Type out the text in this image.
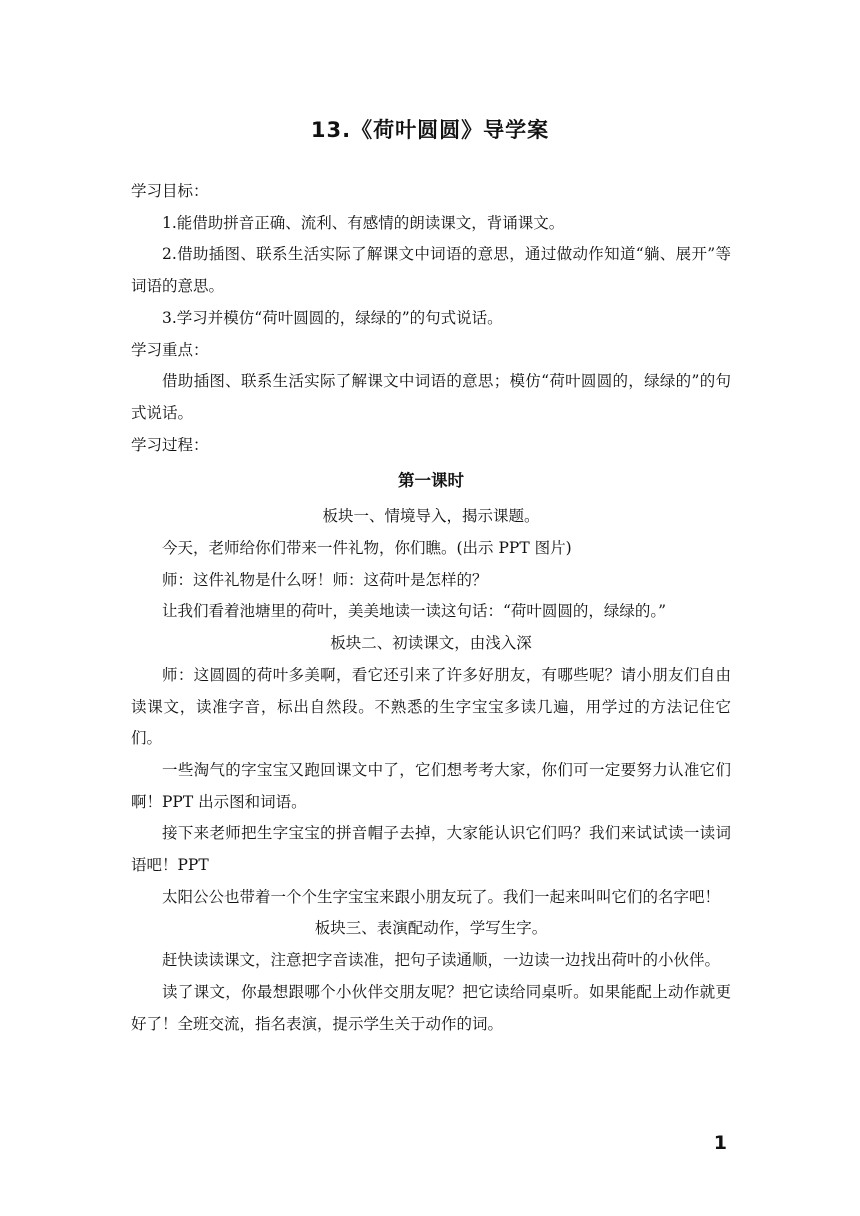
13.《荷叶圆圆》导学案

学习目标：

1.能借助拼音正确、流利、有感情的朗读课文，背诵课文。

2.借助插图、联系生活实际了解课文中词语的意思，通过做动作知道“躺、展开”等词语的意思。

3.学习并模仿“荷叶圆圆的，绿绿的”的句式说话。

学习重点：

借助插图、联系生活实际了解课文中词语的意思；模仿“荷叶圆圆的，绿绿的”的句式说话。

学习过程：

第一课时

板块一、情境导入，揭示课题。

今天，老师给你们带来一件礼物，你们瞧。(出示 PPT 图片)

师：这件礼物是什么呀！师：这荷叶是怎样的？

让我们看着池塘里的荷叶，美美地读一读这句话：“荷叶圆圆的，绿绿的。”

板块二、初读课文，由浅入深

师：这圆圆的荷叶多美啊，看它还引来了许多好朋友，有哪些呢？请小朋友们自由读课文，读准字音，标出自然段。不熟悉的生字宝宝多读几遍，用学过的方法记住它们。

一些淘气的字宝宝又跑回课文中了，它们想考考大家，你们可一定要努力认准它们啊！PPT 出示图和词语。

接下来老师把生字宝宝的拼音帽子去掉，大家能认识它们吗？我们来试试读一读词语吧！PPT

太阳公公也带着一个个生字宝宝来跟小朋友玩了。我们一起来叫叫它们的名字吧！

板块三、表演配动作，学写生字。

赶快读读课文，注意把字音读准，把句子读通顺，一边读一边找出荷叶的小伙伴。

读了课文，你最想跟哪个小伙伴交朋友呢？把它读给同桌听。如果能配上动作就更好了！全班交流，指名表演，提示学生关于动作的词。

1
